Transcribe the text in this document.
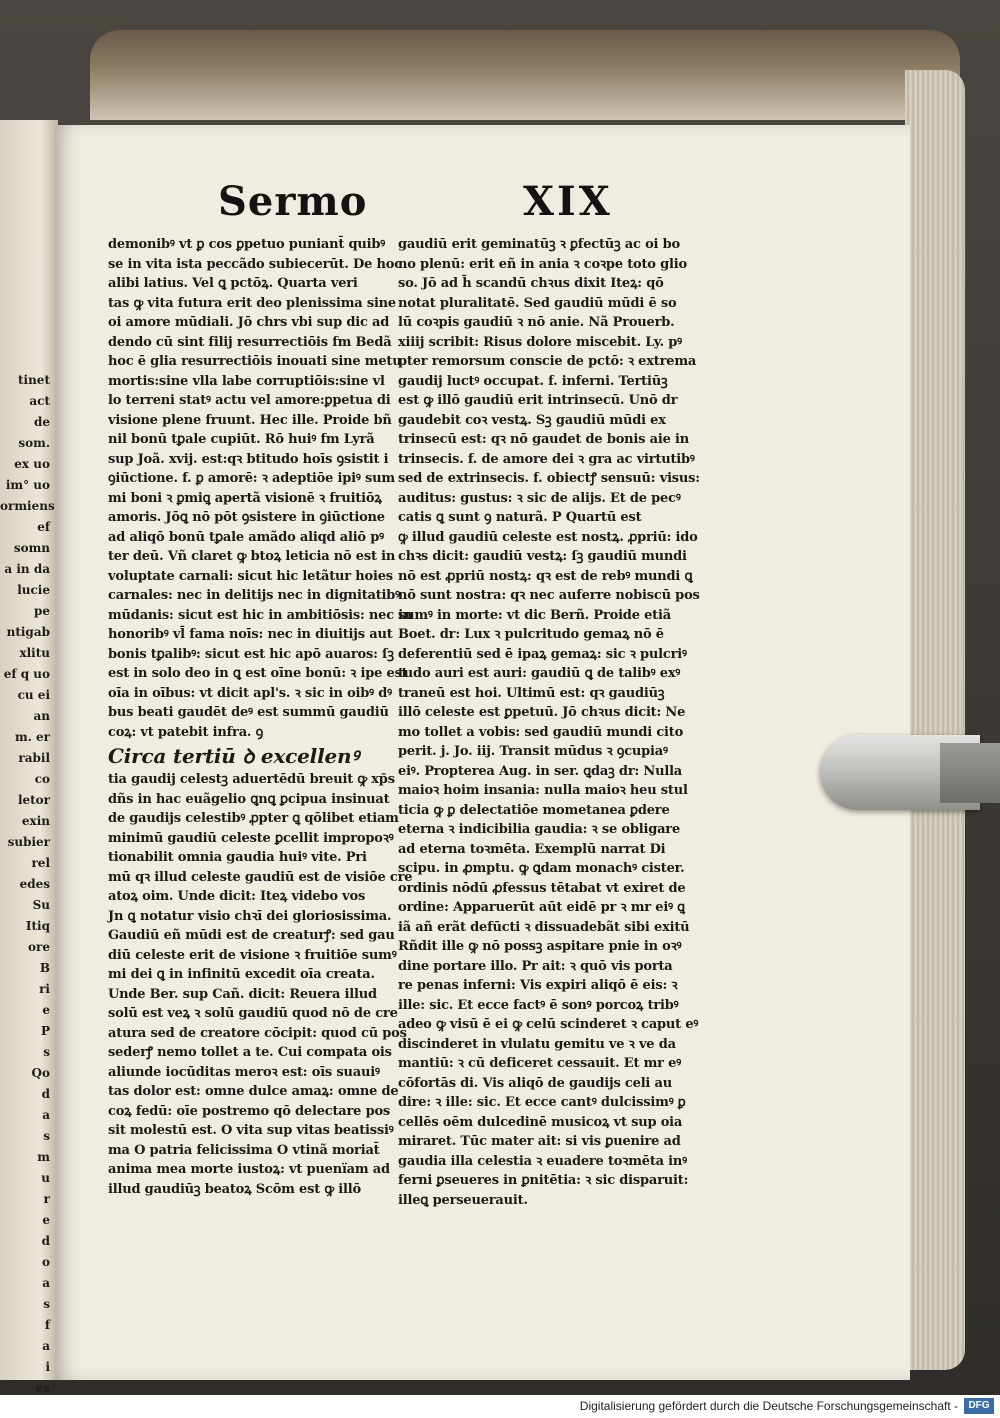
tinet act
de som.
ex uo
im° uo
ormiens
ef somn
a in da
lucie pe
ntigab
xlitu
ef q uo
cu ei an
m. er
rabil co
letor
exin
subier
rel
edes
Su
Itiq
ore
B
ri
e
P
s
Qo
d
a
s
m
u
r
e
d
o
a
s
f
a
i
es
Sermo	XIX
demonibꝰ vt ꝑ cos ꝑpetuo puniant̄ quibꝰ
se in vita ista peccãdo subiecerūt. De hoc
alibi latius. Vel ꝗ pctōꝝ. Quarta veri
tas ꝙ vita futura erit deo plenissima sine
oi amore mūdiali. Jō chrs vbi sup dic ad
dendo cū sint filij resurrectiōis fm Bedã
hoc ē glia resurrectiōis inouati sine metu
mortis:sine vlla labe corruptiōis:sine vl
lo terreni statꝰ actu vel amore:ꝑpetua di
visione plene fruunt. Hec ille. Proide bñ
nil bonū tꝑale cupiūt. Rō huiꝰ fm Lyrã
sup Joã. xvij. est:qꝛ btitudo hoīs ꝯsistit i
ꝯiūctione. f. ꝑ amorē: ꝛ adeptiōe ipiꝰ sum
mi boni ꝛ ꝑmiꝗ apertã visionē ꝛ fruitiōꝝ
amoris. Jōꝗ nō pōt ꝯsistere in ꝯiūctione
ad aliqō bonū tꝑale amãdo aliqd aliō pꝰ
ter deū. Vñ claret ꝙ btoꝝ leticia nō est in
voluptate carnali: sicut hic letãtur hoies
carnales: nec in delitijs nec in dignitatibꝰ
mūdanis: sicut est hic in ambitiōsis: nec in
honoribꝰ vl̄ fama noīs: nec in diuitijs aut
bonis tꝑalibꝰ: sicut est hic apō auaros: ſꝫ
est in solo deo in ꝗ est oīne bonū: ꝛ ipe est
oīa in oībus: vt dicit apl's. ꝛ sic in oibꝰ dꝰ
bus beati gaudēt deꝰ est summū gaudiū
coꝝ: vt patebit infra. ꝯ
Circa tertiū ꝺ excellenꝰ
tia gaudij celestꝫ aduertēdū breuit ꝙ xp̄s
dñs in hac euãgelio ꝗnꝗ ꝑcipua insinuat
de gaudijs celestibꝰ ꝓpter ꝗ qōlibet etiam
minimū gaudiū celeste ꝑcellit impropoꝛꝰ
tionabilit omnia gaudia huiꝰ vite. Pri
mū qꝛ illud celeste gaudiū est de visiōe cre
atoꝝ oim. Unde dicit: Iteꝝ videbo vos
Jn ꝗ notatur visio chꝛī dei gloriosissima.
Gaudiū eñ mūdi est de creaturꝭ: sed gau
diū celeste erit de visione ꝛ fruitiōe sumꝰ
mi dei ꝗ in infinitū excedit oīa creata.
Unde Ber. sup Cañ. dicit: Reuera illud
solū est veꝝ ꝛ solū gaudiū quod nō de cre
atura sed de creatore cōcipit: quod cū pos
sederꝭ nemo tollet a te. Cui compata ois
aliunde iocūditas meroꝛ est: oīs suauiꝰ
tas dolor est: omne dulce amaꝝ: omne de
coꝝ fedū: oīe postremo qō delectare pos
sit molestū est. O vita sup vitas beatissiꝰ
ma O patria felicissima O vtinã moriat̄
anima mea morte iustoꝝ: vt puenïam ad
illud gaudiūꝫ beatoꝝ Scōm est ꝙ illō
gaudiū erit geminatūꝫ ꝛ ꝑfectūꝫ ac oi bo
no plenū: erit eñ in ania ꝛ coꝛpe toto glio
so. Jō ad h̄ scandū chꝛus dixit Iteꝝ: qō
notat pluralitatē. Sed gaudiū mūdi ē so
lū coꝛpis gaudiū ꝛ nō anie. Nã Prouerb.
xiiij scribit: Risus dolore miscebit. Ly. pꝰ
pter remorsum conscie de pctō: ꝛ extrema
gaudij luctꝰ occupat. f. inferni. Tertiūꝫ
est ꝙ illō gaudiū erit intrinsecū. Unō dr
gaudebit coꝛ vestꝝ. Sꝫ gaudiū mūdi ex
trinsecū est: qꝛ nō gaudet de bonis aie in
trinsecis. f. de amore dei ꝛ gra ac virtutibꝰ
sed de extrinsecis. f. obiectꝭ sensuū: visus:
auditus: gustus: ꝛ sic de alijs. Et de pecꝰ
catis ꝗ sunt ꝯ naturã. P Quartū est
ꝙ illud gaudiū celeste est nostꝝ. ꝓpriū: ido
chꝛs dicit: gaudiū vestꝝ: ſꝫ gaudiū mundi
nō est ꝓpriū nostꝝ: qꝛ est de rebꝰ mundi ꝗ
nō sunt nostra: qꝛ nec auferre nobiscū pos
sumꝰ in morte: vt dic Berñ. Proide etiã
Boet. dr: Lux ꝛ pulcritudo gemaꝝ nō ē
deferentiū sed ē ipaꝝ gemaꝝ: sic ꝛ pulcriꝰ
tudo auri est auri: gaudiū ꝗ de talibꝰ exꝰ
traneū est hoi. Ultimū est: qꝛ gaudiūꝫ
illō celeste est ꝑpetuū. Jō chꝛus dicit: Ne
mo tollet a vobis: sed gaudiū mundi cito
perit. j. Jo. iij. Transit mūdus ꝛ ꝯcupiaꝰ
eiꝰ. Propterea Aug. in ser. ꝗdaꝫ dr: Nulla
maioꝛ hoim insania: nulla maioꝛ heu stul
ticia ꝙ ꝑ delectatiōe mometanea ꝑdere
eterna ꝛ indicibilia gaudia: ꝛ se obligare
ad eterna toꝛmēta. Exemplū narrat Di
scipu. in ꝓmptu. ꝙ ꝗdam monachꝰ cister.
ordinis nōdū ꝓfessus tētabat vt exiret de
ordine: Apparuerūt aūt eidē pr ꝛ mr eiꝰ ꝗ
iã añ erãt defūcti ꝛ dissuadebãt sibi exitū
Rñdit ille ꝙ nō possꝫ aspitare pnie in oꝛꝰ
dine portare illo. Pr ait: ꝛ quō vis porta
re penas inferni: Vis expiri aliqō ē eis: ꝛ
ille: sic. Et ecce factꝰ ē sonꝰ porcoꝝ tribꝰ
adeo ꝙ visū ē ei ꝙ celū scinderet ꝛ caput eꝰ
discinderet in vlulatu gemitu ve ꝛ ve da
mantiū: ꝛ cū deficeret cessauit. Et mr eꝰ
cōfortās di. Vis aliqō de gaudijs celi au
dire: ꝛ ille: sic. Et ecce cantꝰ dulcissimꝰ ꝑ
cellēs oēm dulcedinē musicoꝝ vt sup oia
miraret. Tūc mater ait: si vis ꝑuenire ad
gaudia illa celestia ꝛ euadere toꝛmēta inꝰ
ferni ꝑseueres in ꝑnitētia: ꝛ sic disparuit:
illeꝗ perseuerauit.
Digitalisierung gefördert durch die Deutsche Forschungsgemeinschaft -	DFG
